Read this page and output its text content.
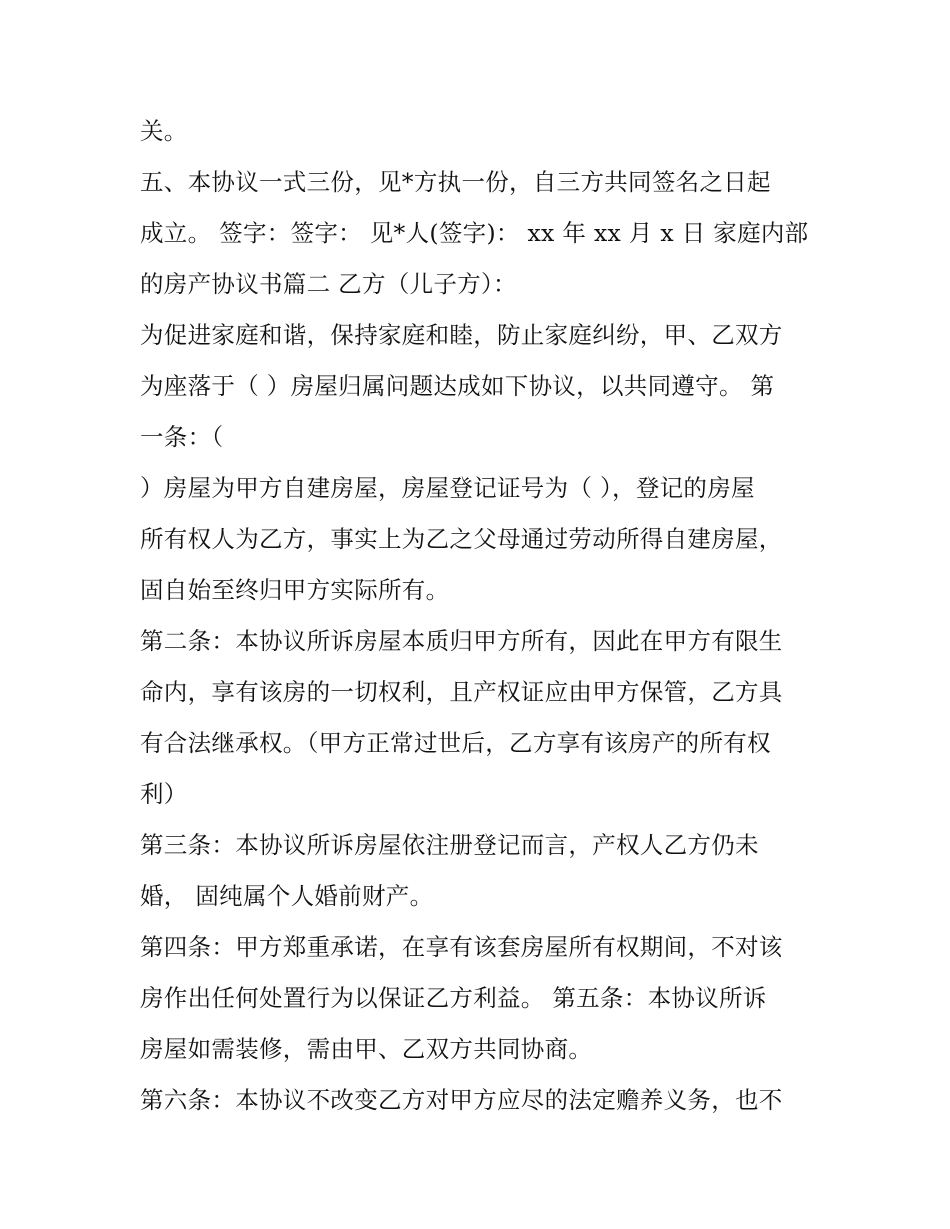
关。
五、本协议一式三份，见*方执一份，自三方共同签名之日起
成立。 签字：签字： 见*人(签字)： xx 年 xx 月 x 日 家庭内部
的房产协议书篇二 乙方（儿子方）：
为促进家庭和谐，保持家庭和睦，防止家庭纠纷，甲、乙双方
为座落于（ ）房屋归属问题达成如下协议，以共同遵守。 第
一条：（
）房屋为甲方自建房屋，房屋登记证号为（ ），登记的房屋
所有权人为乙方，事实上为乙之父母通过劳动所得自建房屋，
固自始至终归甲方实际所有。
第二条：本协议所诉房屋本质归甲方所有，因此在甲方有限生
命内，享有该房的一切权利，且产权证应由甲方保管，乙方具
有合法继承权。（甲方正常过世后，乙方享有该房产的所有权
利）
第三条：本协议所诉房屋依注册登记而言，产权人乙方仍未
婚， 固纯属个人婚前财产。
第四条：甲方郑重承诺，在享有该套房屋所有权期间，不对该
房作出任何处置行为以保证乙方利益。 第五条：本协议所诉
房屋如需装修，需由甲、乙双方共同协商。
第六条：本协议不改变乙方对甲方应尽的法定赡养义务，也不
